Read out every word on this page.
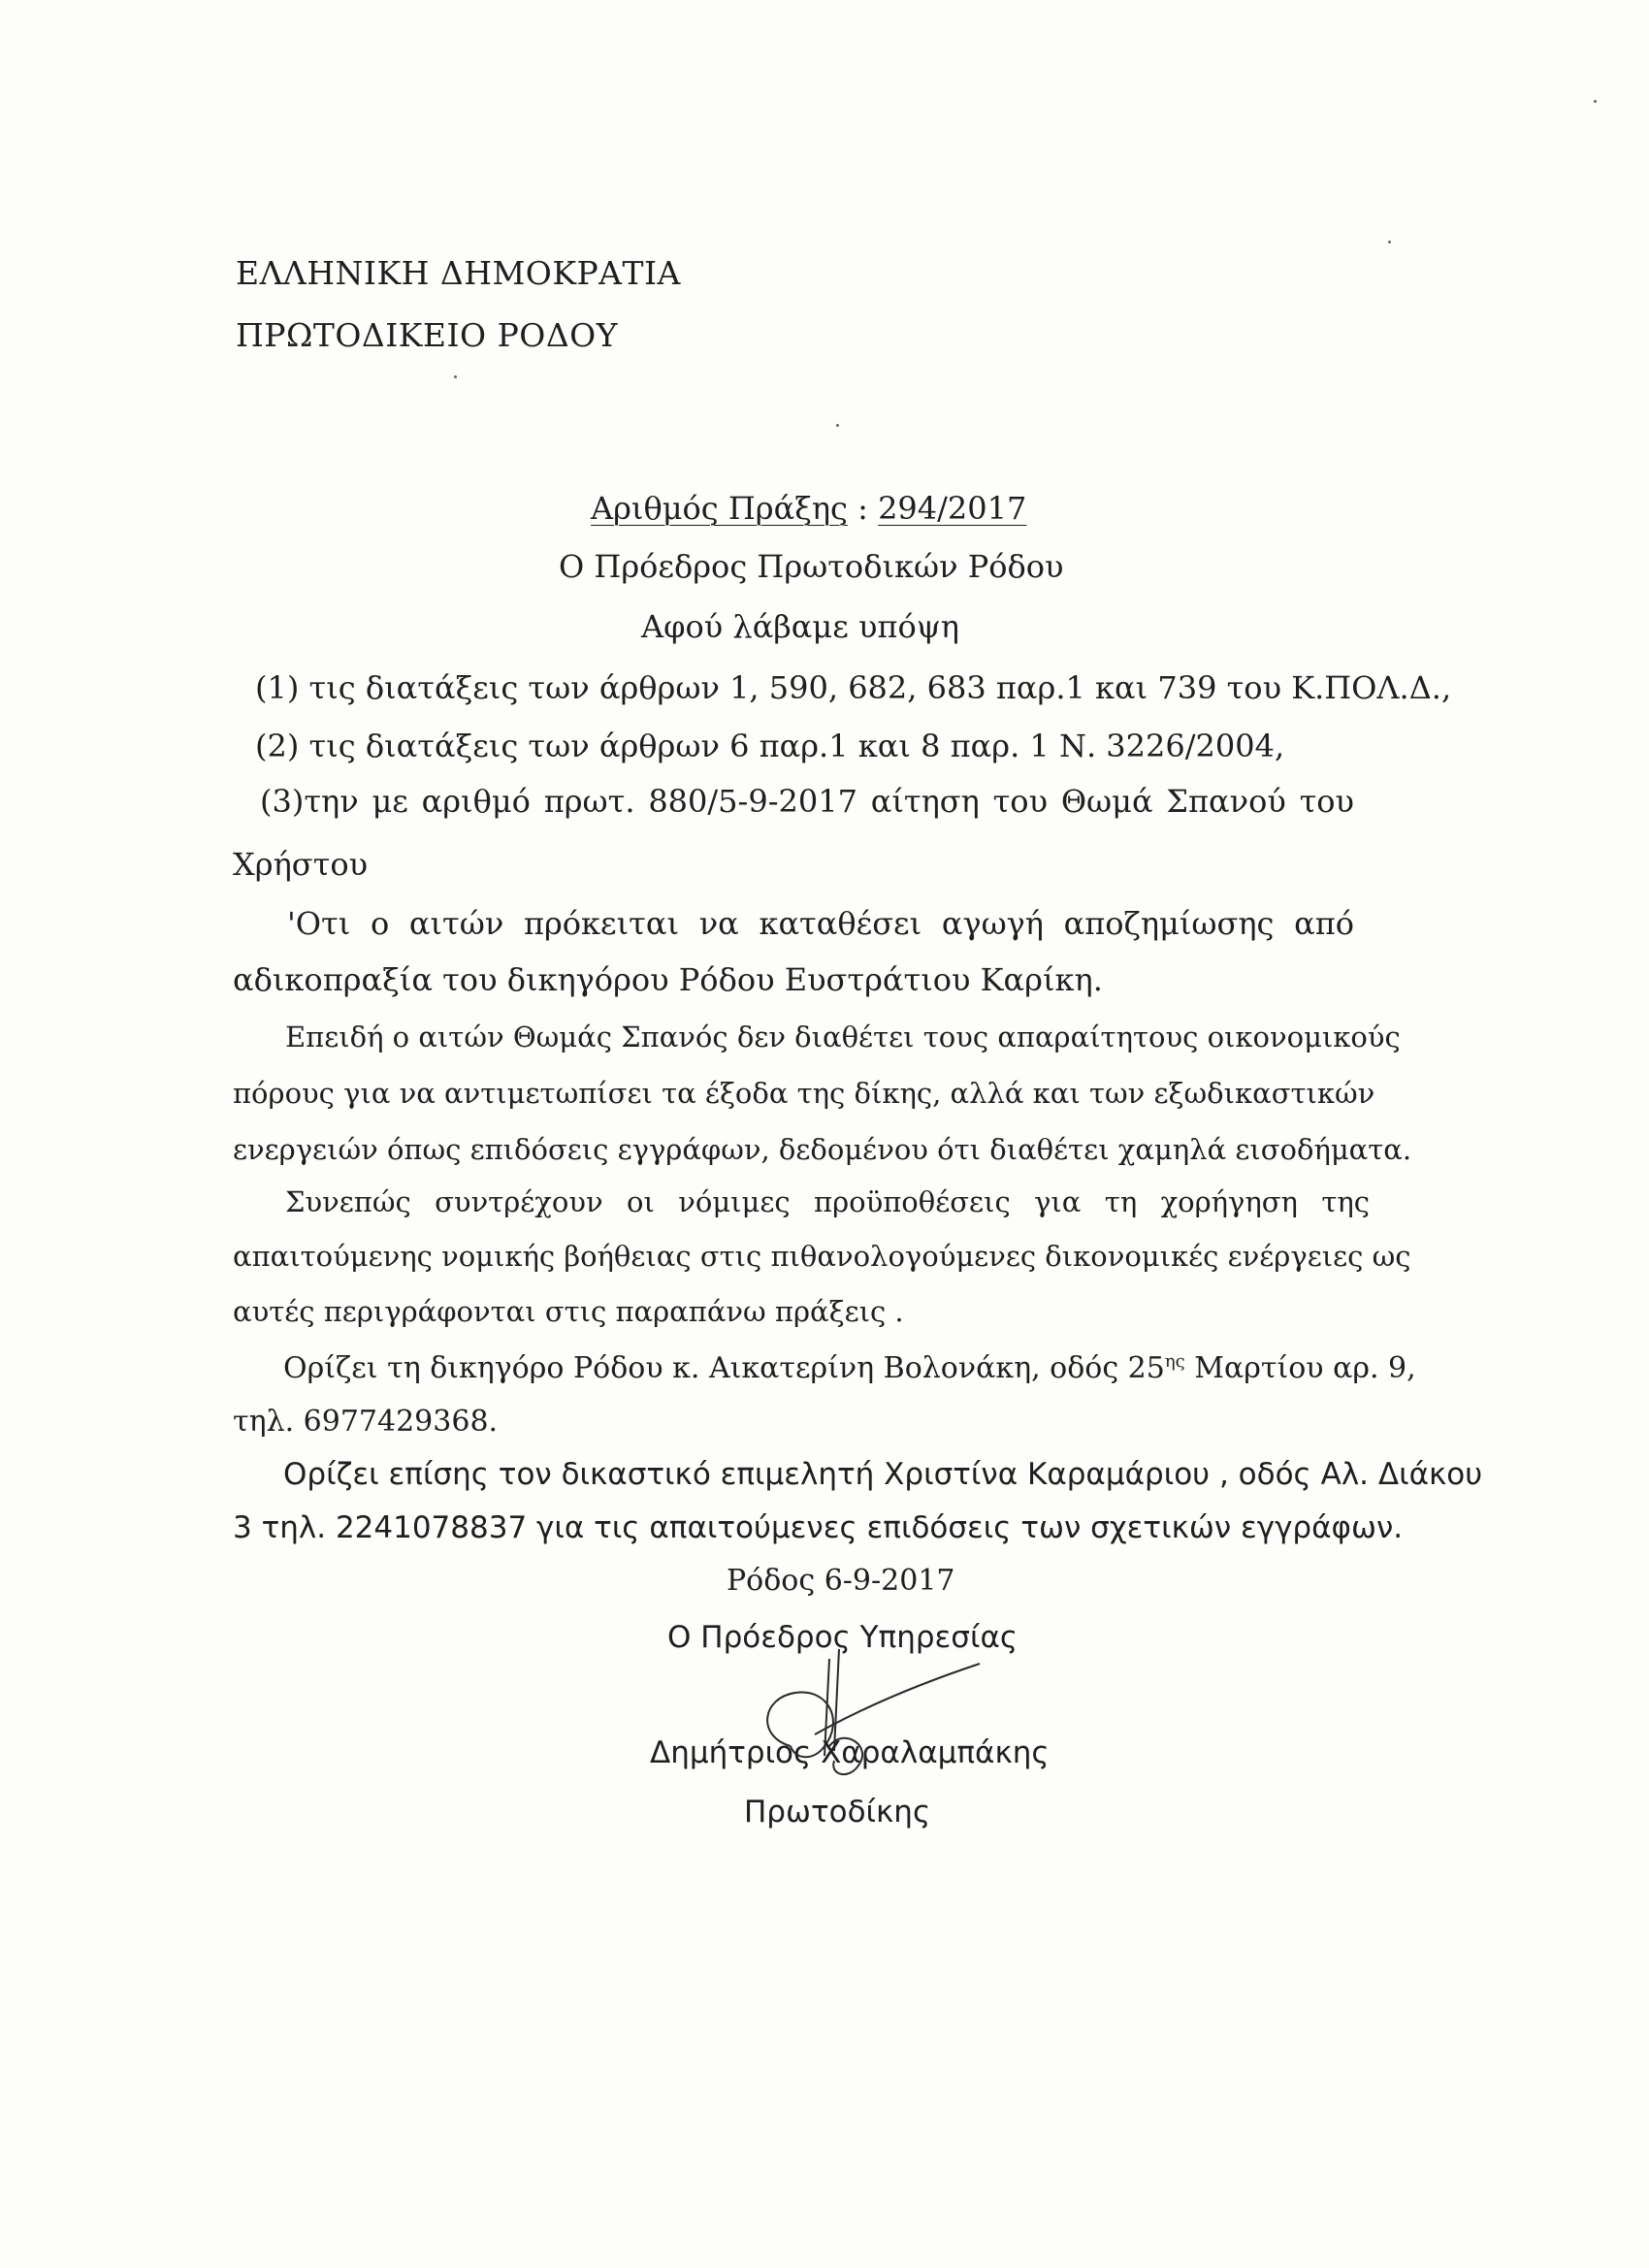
ΕΛΛΗΝΙΚΗ ΔΗΜΟΚΡΑΤΙΑ
ΠΡΩΤΟΔΙΚΕΙΟ ΡΟΔΟΥ
Αριθμός Πράξης : 294/2017
Ο Πρόεδρος Πρωτοδικών Ρόδου
Αφού λάβαμε υπόψη
(1) τις διατάξεις των άρθρων 1, 590, 682, 683 παρ.1 και 739 του Κ.ΠΟΛ.Δ.,
(2) τις διατάξεις των άρθρων 6 παρ.1 και 8 παρ. 1 Ν. 3226/2004,
(3)την με αριθμό πρωτ. 880/5-9-2017 αίτηση του Θωμά Σπανού του
Χρήστου
'Οτι ο αιτών πρόκειται να καταθέσει αγωγή αποζημίωσης από
αδικοπραξία του δικηγόρου Ρόδου Ευστράτιου Καρίκη.
Επειδή ο αιτών Θωμάς Σπανός δεν διαθέτει τους απαραίτητους οικονομικούς
πόρους για να αντιμετωπίσει τα έξοδα της δίκης, αλλά και των εξωδικαστικών
ενεργειών όπως επιδόσεις εγγράφων, δεδομένου ότι διαθέτει χαμηλά εισοδήματα.
Συνεπώς συντρέχουν οι νόμιμες προϋποθέσεις για τη χορήγηση της
απαιτούμενης νομικής βοήθειας στις πιθανολογούμενες δικονομικές ενέργειες ως
αυτές περιγράφονται στις παραπάνω πράξεις .
Ορίζει τη δικηγόρο Ρόδου κ. Αικατερίνη Βολονάκη, οδός $25^{\eta\varsigma}$ Μαρτίου αρ. 9,
τηλ. 6977429368.
Ορίζει επίσης τον δικαστικό επιμελητή Χριστίνα Καραμάριου , οδός Αλ. Διάκου
3 τηλ. 2241078837 για τις απαιτούμενες επιδόσεις των σχετικών εγγράφων.
Ρόδος 6-9-2017
Ο Πρόεδρος Υπηρεσίας
Δημήτριος Χαραλαμπάκης
Πρωτοδίκης
